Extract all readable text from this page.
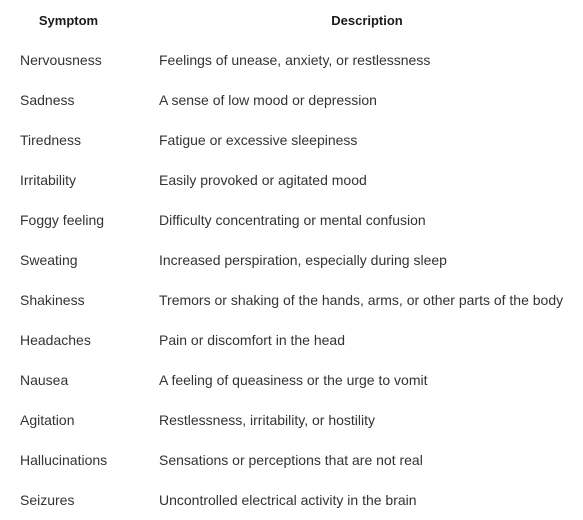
Symptom	Description
Nervousness	Feelings of unease, anxiety, or restlessness
Sadness	A sense of low mood or depression
Tiredness	Fatigue or excessive sleepiness
Irritability	Easily provoked or agitated mood
Foggy feeling	Difficulty concentrating or mental confusion
Sweating	Increased perspiration, especially during sleep
Shakiness	Tremors or shaking of the hands, arms, or other parts of the body
Headaches	Pain or discomfort in the head
Nausea	A feeling of queasiness or the urge to vomit
Agitation	Restlessness, irritability, or hostility
Hallucinations	Sensations or perceptions that are not real
Seizures	Uncontrolled electrical activity in the brain
